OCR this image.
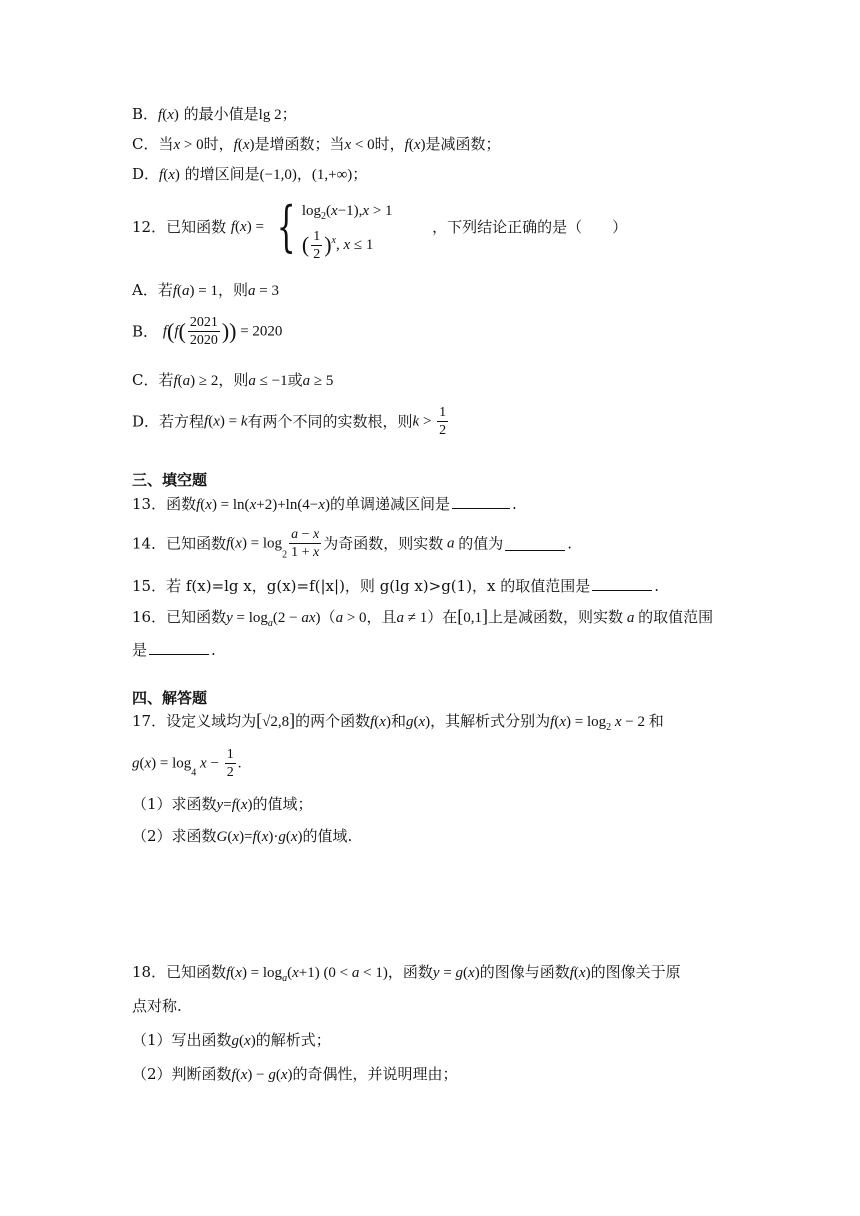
B．f(x) 的最小值是lg 2；
C．当x > 0时，f(x)是增函数；当x < 0时，f(x)是减函数；
D．f(x) 的增区间是(−1,0)，(1,+∞)；
12．已知函数 f(x) = { $\log_2(x-1),x > 1$
( $\frac{1}{2} )^x$, x ≤ 1
，下列结论正确的是（　　）
A．若f(a) = 1，则a = 3
B． $f(f( \frac{2021}{2020}$ )) = 2020
C．若f(a) ≥ 2，则a ≤ −1或a ≥ 5
D．若方程f(x) = k有两个不同的实数根，则$k > \frac{1}{2}$
三、填空题
13．函数f(x) = ln(x+2)+ln(4−x)的单调递减区间是	.
14．已知函数$f(x) = \log_2 \frac{a - x}{1 + x}$ 为奇函数，则实数 a 的值为	.
15．若 f(x)=lg x，g(x)=f(|x|)，则 g(lg x)>g(1)，x 的取值范围是	.
16．已知函数$y = \log_a(2 - ax)(a > 0$，且a ≠ 1）在[0,1]上是减函数，则实数 a 的取值范围
是	.
四、解答题
17．设定义域均为[√2,8]的两个函数f(x)和g(x)，其解析式分别为$f(x) = \log_2 x - 2$ 和
$g(x) = \log_4 x - \frac{1}{2}$ .
（1）求函数y=f(x)的值域；
（2）求函数G(x)=f(x)·g(x)的值域.
18．已知函数$f(x) = \log_a(x+1) (0 < a < 1)$，函数y = g(x)的图像与函数f(x)的图像关于原
点对称.
（1）写出函数g(x)的解析式；
（2）判断函数f(x) − g(x)的奇偶性，并说明理由；
